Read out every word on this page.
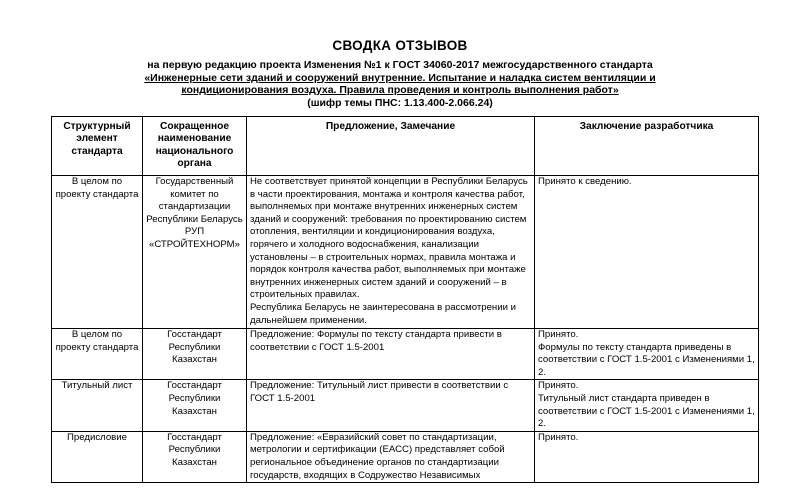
СВОДКА ОТЗЫВОВ
на первую редакцию проекта Изменения №1 к ГОСТ 34060-2017 межгосударственного стандарта
«Инженерные сети зданий и сооружений внутренние. Испытание и наладка систем вентиляции и
кондиционирования воздуха. Правила проведения и контроль выполнения работ»
(шифр темы ПНС: 1.13.400-2.066.24)
Структурный элемент стандарта	Сокращенное наименование национального органа	Предложение, Замечание	Заключение разработчика
В целом по проекту стандарта	Государственный комитет по стандартизации Республики Беларусь РУП «СТРОЙТЕХНОРМ»	Не соответствует принятой концепции в Республики Беларусь в части проектирования, монтажа и контроля качества работ, выполняемых при монтаже внутренних инженерных систем зданий и сооружений: требования по проектированию систем отопления, вентиляции и кондиционирования воздуха, горячего и холодного водоснабжения, канализации установлены – в строительных нормах, правила монтажа и порядок контроля качества работ, выполняемых при монтаже внутренних инженерных систем зданий и сооружений – в строительных правилах.
Республика Беларусь не заинтересована в рассмотрении и дальнейшем применении.	Принято к сведению.

В целом по проекту стандарта	Госстандарт Республики Казахстан	Предложение: Формулы по тексту стандарта привести в соответствии с ГОСТ 1.5-2001	Принято.
Формулы по тексту стандарта приведены в соответствии с ГОСТ 1.5-2001 с Изменениями 1, 2.

Титульный лист	Госстандарт Республики Казахстан	Предложение: Титульный лист привести в соответствии с ГОСТ 1.5-2001	Принято.
Титульный лист стандарта приведен в соответствии с ГОСТ 1.5-2001 с Изменениями 1, 2.

Предисловие	Госстандарт Республики Казахстан	Предложение: «Евразийский совет по стандартизации, метрологии и сертификации (ЕАСС) представляет собой региональное объединение органов по стандартизации государств, входящих в Содружество Независимых	Принято.
